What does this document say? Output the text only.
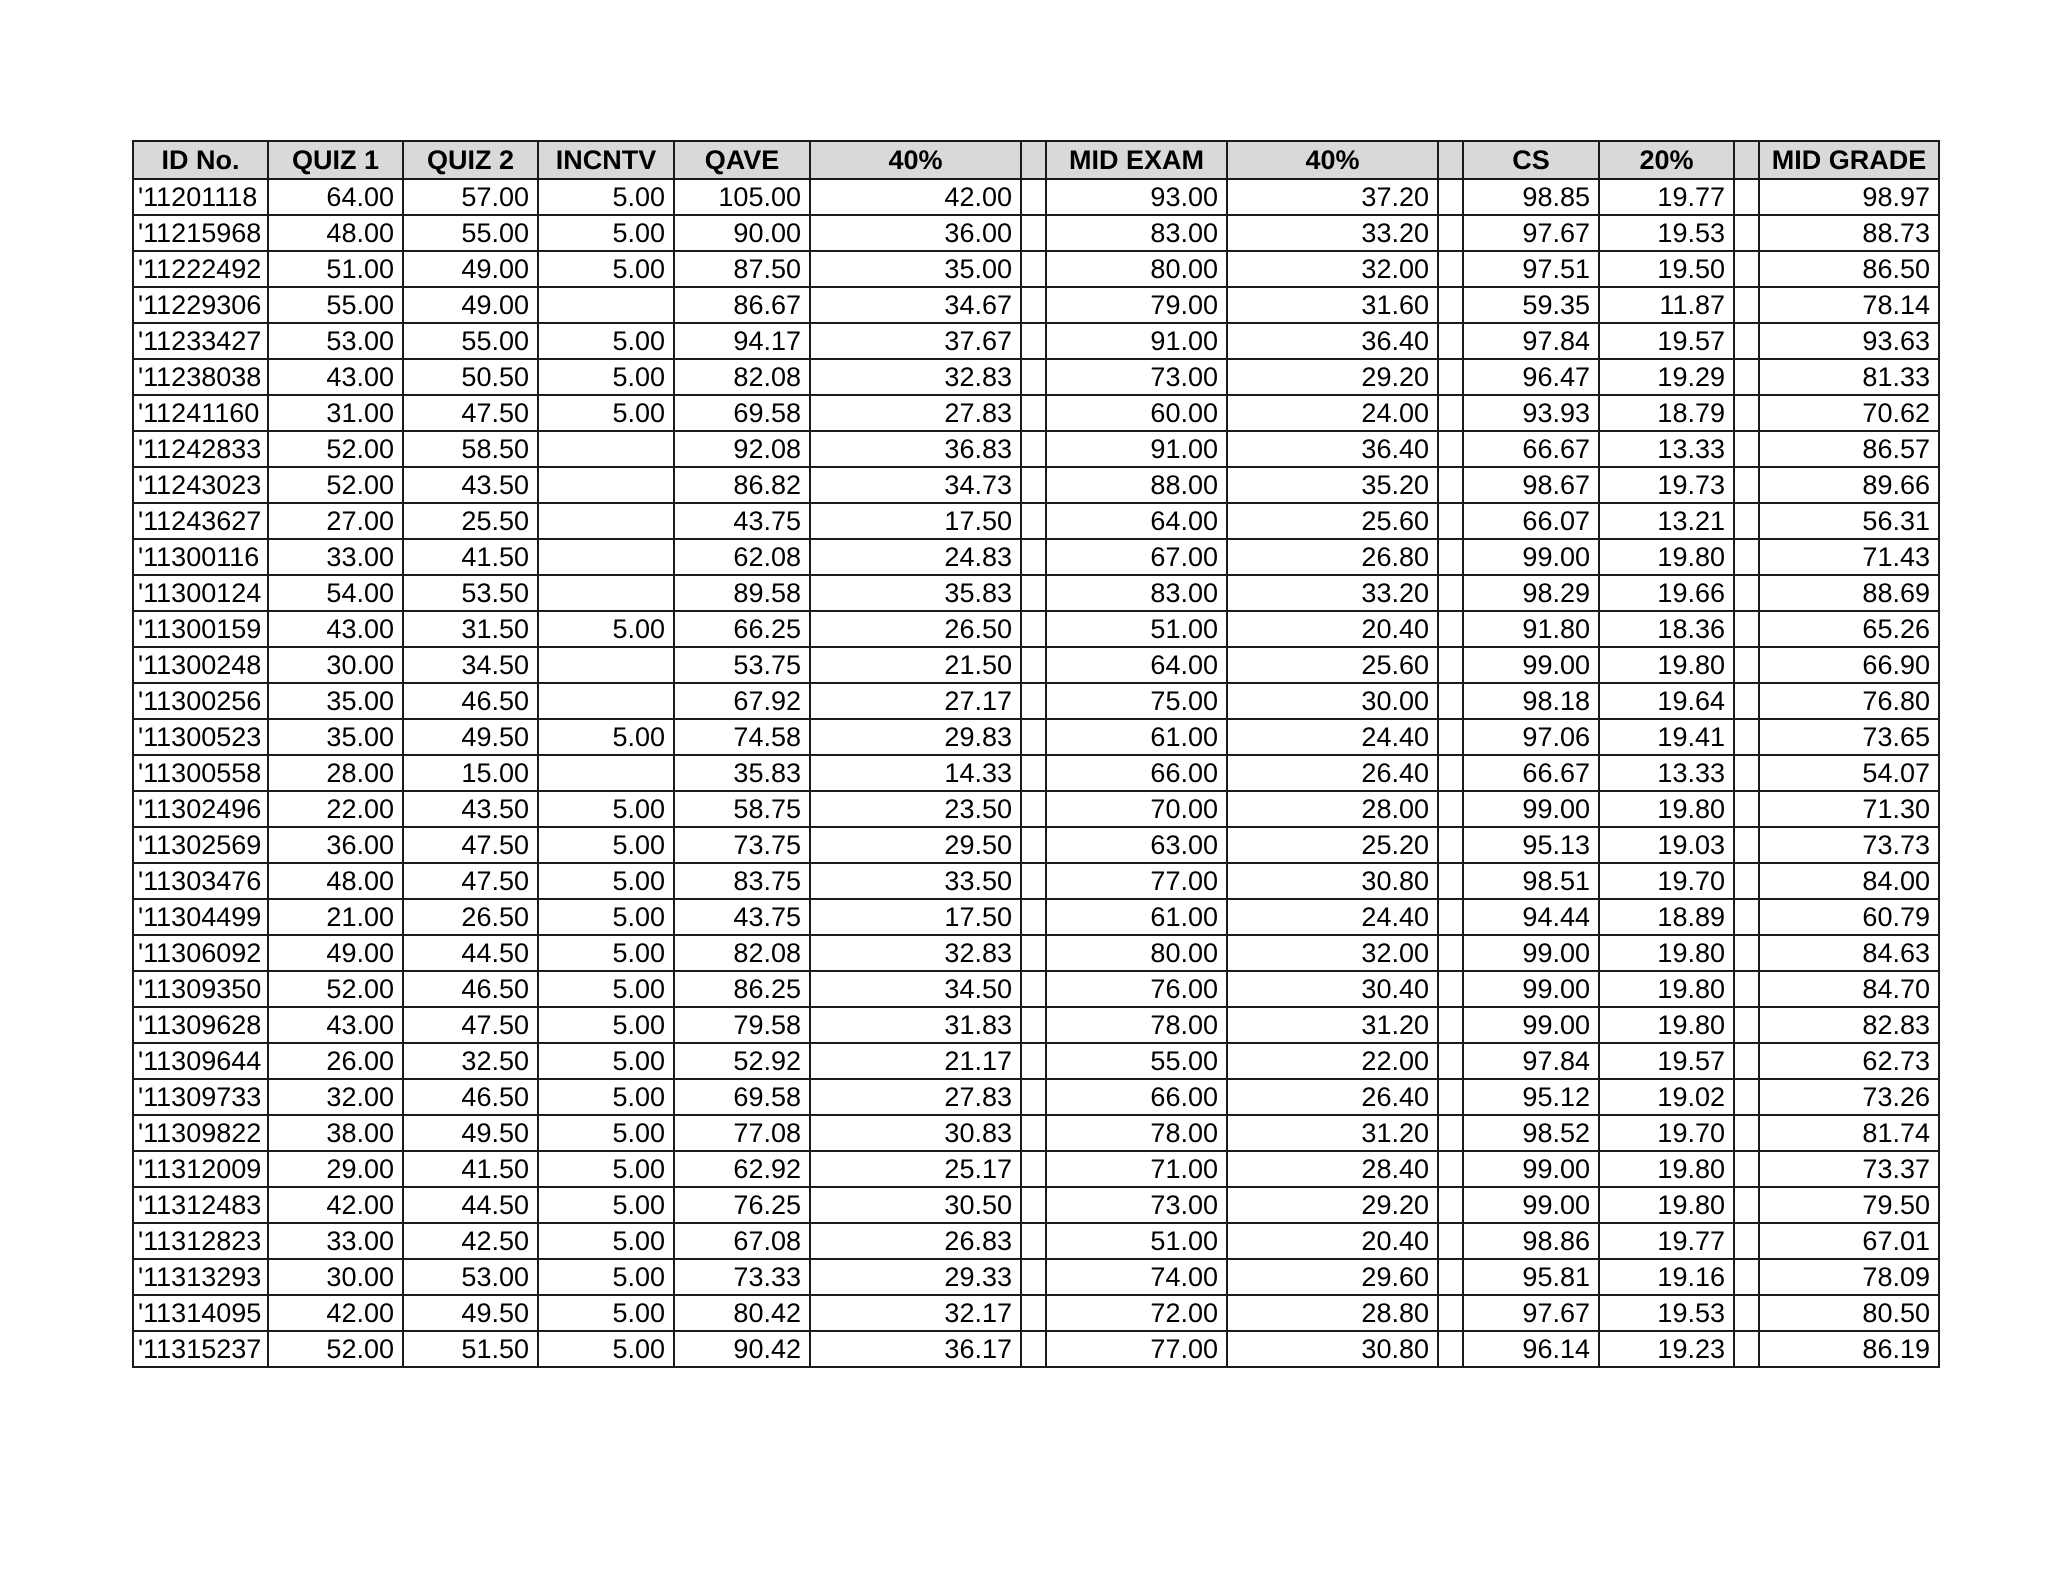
ID No.	QUIZ 1	QUIZ 2	INCNTV	QAVE	40%		MID EXAM	40%		CS	20%		MID GRADE
'11201118	64.00	57.00	5.00	105.00	42.00		93.00	37.20		98.85	19.77		98.97
'11215968	48.00	55.00	5.00	90.00	36.00		83.00	33.20		97.67	19.53		88.73
'11222492	51.00	49.00	5.00	87.50	35.00		80.00	32.00		97.51	19.50		86.50
'11229306	55.00	49.00		86.67	34.67		79.00	31.60		59.35	11.87		78.14
'11233427	53.00	55.00	5.00	94.17	37.67		91.00	36.40		97.84	19.57		93.63
'11238038	43.00	50.50	5.00	82.08	32.83		73.00	29.20		96.47	19.29		81.33
'11241160	31.00	47.50	5.00	69.58	27.83		60.00	24.00		93.93	18.79		70.62
'11242833	52.00	58.50		92.08	36.83		91.00	36.40		66.67	13.33		86.57
'11243023	52.00	43.50		86.82	34.73		88.00	35.20		98.67	19.73		89.66
'11243627	27.00	25.50		43.75	17.50		64.00	25.60		66.07	13.21		56.31
'11300116	33.00	41.50		62.08	24.83		67.00	26.80		99.00	19.80		71.43
'11300124	54.00	53.50		89.58	35.83		83.00	33.20		98.29	19.66		88.69
'11300159	43.00	31.50	5.00	66.25	26.50		51.00	20.40		91.80	18.36		65.26
'11300248	30.00	34.50		53.75	21.50		64.00	25.60		99.00	19.80		66.90
'11300256	35.00	46.50		67.92	27.17		75.00	30.00		98.18	19.64		76.80
'11300523	35.00	49.50	5.00	74.58	29.83		61.00	24.40		97.06	19.41		73.65
'11300558	28.00	15.00		35.83	14.33		66.00	26.40		66.67	13.33		54.07
'11302496	22.00	43.50	5.00	58.75	23.50		70.00	28.00		99.00	19.80		71.30
'11302569	36.00	47.50	5.00	73.75	29.50		63.00	25.20		95.13	19.03		73.73
'11303476	48.00	47.50	5.00	83.75	33.50		77.00	30.80		98.51	19.70		84.00
'11304499	21.00	26.50	5.00	43.75	17.50		61.00	24.40		94.44	18.89		60.79
'11306092	49.00	44.50	5.00	82.08	32.83		80.00	32.00		99.00	19.80		84.63
'11309350	52.00	46.50	5.00	86.25	34.50		76.00	30.40		99.00	19.80		84.70
'11309628	43.00	47.50	5.00	79.58	31.83		78.00	31.20		99.00	19.80		82.83
'11309644	26.00	32.50	5.00	52.92	21.17		55.00	22.00		97.84	19.57		62.73
'11309733	32.00	46.50	5.00	69.58	27.83		66.00	26.40		95.12	19.02		73.26
'11309822	38.00	49.50	5.00	77.08	30.83		78.00	31.20		98.52	19.70		81.74
'11312009	29.00	41.50	5.00	62.92	25.17		71.00	28.40		99.00	19.80		73.37
'11312483	42.00	44.50	5.00	76.25	30.50		73.00	29.20		99.00	19.80		79.50
'11312823	33.00	42.50	5.00	67.08	26.83		51.00	20.40		98.86	19.77		67.01
'11313293	30.00	53.00	5.00	73.33	29.33		74.00	29.60		95.81	19.16		78.09
'11314095	42.00	49.50	5.00	80.42	32.17		72.00	28.80		97.67	19.53		80.50
'11315237	52.00	51.50	5.00	90.42	36.17		77.00	30.80		96.14	19.23		86.19
